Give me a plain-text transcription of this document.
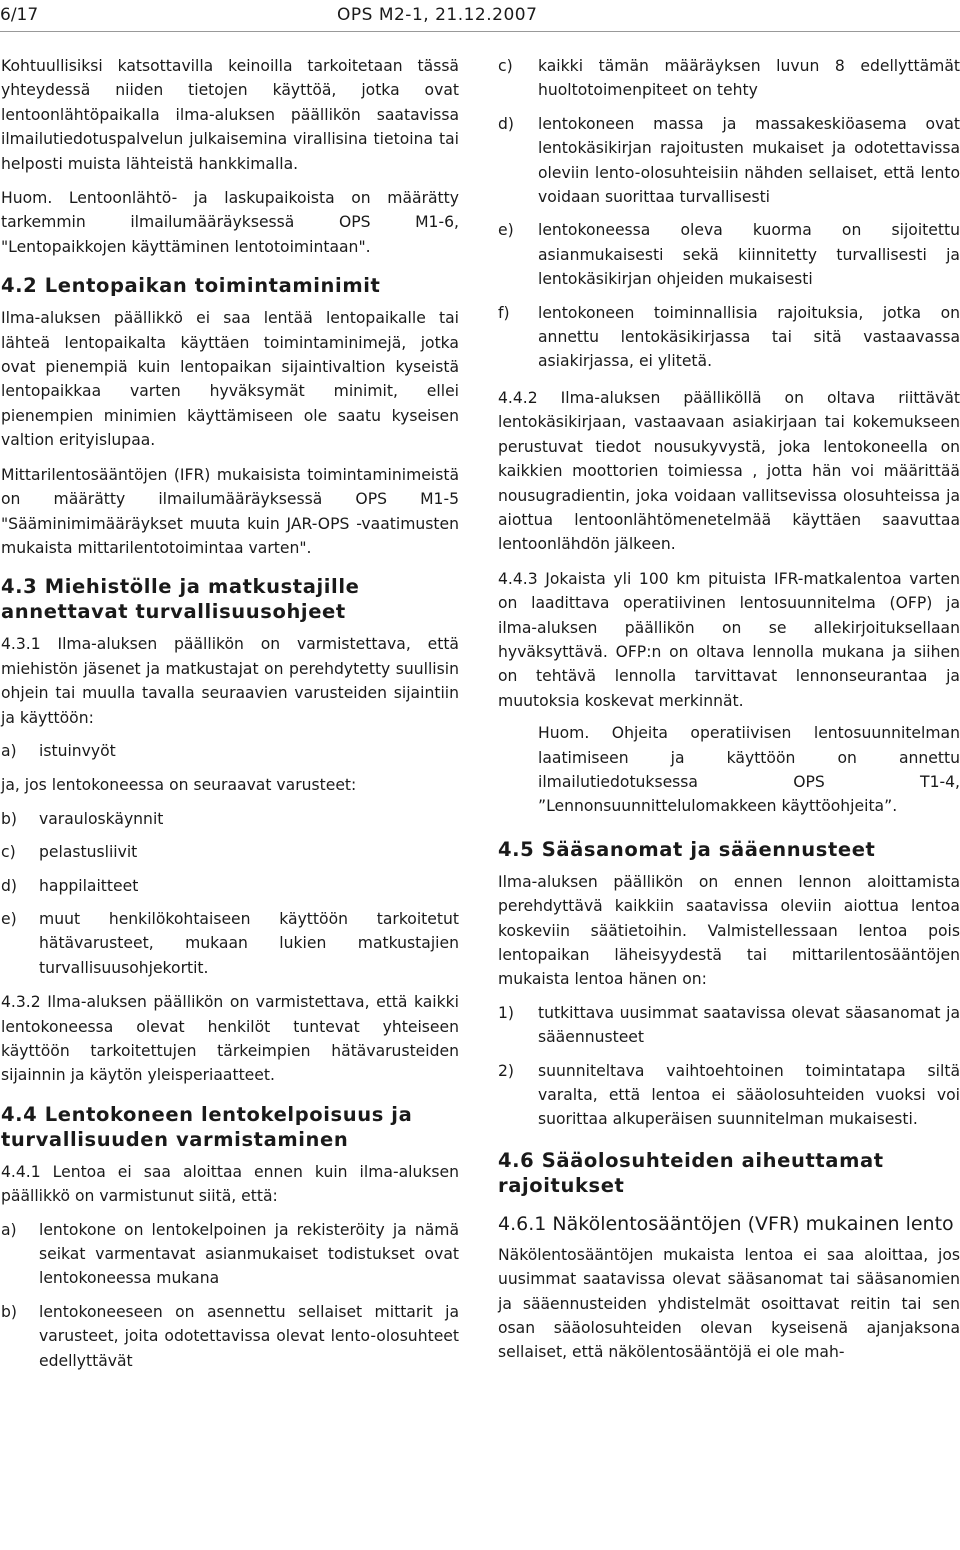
6/17	OPS M2-1, 21.12.2007

Kohtuullisiksi katsottavilla keinoilla tarkoitetaan tässä yhteydessä niiden tietojen käyttöä, jotka ovat lentoonlähtöpaikalla ilma-aluksen päällikön saatavissa ilmailutiedotuspalvelun julkaisemina virallisina tietoina tai helposti muista lähteistä hankkimalla.

Huom. Lentoonlähtö- ja laskupaikoista on määrätty tarkemmin ilmailumääräyksessä OPS M1-6, "Lentopaikkojen käyttäminen lentotoimintaan".

4.2 Lentopaikan toimintaminimit

Ilma-aluksen päällikkö ei saa lentää lentopaikalle tai lähteä lentopaikalta käyttäen toimintaminimejä, jotka ovat pienempiä kuin lentopaikan sijaintivaltion kyseistä lentopaikkaa varten hyväksymät minimit, ellei pienempien minimien käyttämiseen ole saatu kyseisen valtion erityislupaa.

Mittarilentosääntöjen (IFR) mukaisista toimintaminimeistä on määrätty ilmailumääräyksessä OPS M1-5 "Sääminimimääräykset muuta kuin JAR-OPS -vaatimusten mukaista mittarilentotoimintaa varten".

4.3 Miehistölle ja matkustajille annettavat turvallisuusohjeet

4.3.1 Ilma-aluksen päällikön on varmistettava, että miehistön jäsenet ja matkustajat on perehdytetty suullisin ohjein tai muulla tavalla seuraavien varusteiden sijaintiin ja käyttöön:

a) istuinvyöt

ja, jos lentokoneessa on seuraavat varusteet:

b) varauloskäynnit
c) pelastusliivit
d) happilaitteet
e) muut henkilökohtaiseen käyttöön tarkoitetut hätävarusteet, mukaan lukien matkustajien turvallisuusohjekortit.

4.3.2 Ilma-aluksen päällikön on varmistettava, että kaikki lentokoneessa olevat henkilöt tuntevat yhteiseen käyttöön tarkoitettujen tärkeimpien hätävarusteiden sijainnin ja käytön yleisperiaatteet.

4.4 Lentokoneen lentokelpoisuus ja turvallisuuden varmistaminen

4.4.1 Lentoa ei saa aloittaa ennen kuin ilma-aluksen päällikkö on varmistunut siitä, että:

a) lentokone on lentokelpoinen ja rekisteröity ja nämä seikat varmentavat asianmukaiset todistukset ovat lentokoneessa mukana
b) lentokoneeseen on asennettu sellaiset mittarit ja varusteet, joita odotettavissa olevat lento-olosuhteet edellyttävät
c) kaikki tämän määräyksen luvun 8 edellyttämät huoltotoimenpiteet on tehty
d) lentokoneen massa ja massakeskiöasema ovat lentokäsikirjan rajoitusten mukaiset ja odotettavissa oleviin lento-olosuhteisiin nähden sellaiset, että lento voidaan suorittaa turvallisesti
e) lentokoneessa oleva kuorma on sijoitettu asianmukaisesti sekä kiinnitetty turvallisesti ja lentokäsikirjan ohjeiden mukaisesti
f) lentokoneen toiminnallisia rajoituksia, jotka on annettu lentokäsikirjassa tai sitä vastaavassa asiakirjassa, ei ylitetä.

4.4.2 Ilma-aluksen päälliköllä on oltava riittävät lentokäsikirjaan, vastaavaan asiakirjaan tai kokemukseen perustuvat tiedot nousukyvystä, joka lentokoneella on kaikkien moottorien toimiessa , jotta hän voi määrittää nousugradientin, joka voidaan vallitsevissa olosuhteissa ja aiottua lentoonlähtömenetelmää käyttäen saavuttaa lentoonlähdön jälkeen.

4.4.3 Jokaista yli 100 km pituista IFR-matkalentoa varten on laadittava operatiivinen lentosuunnitelma (OFP) ja ilma-aluksen päällikön on se allekirjoituksellaan hyväksyttävä. OFP:n on oltava lennolla mukana ja siihen on tehtävä lennolla tarvittavat lennonseurantaa ja muutoksia koskevat merkinnät.

Huom. Ohjeita operatiivisen lentosuunnitelman laatimiseen ja käyttöön on annettu ilmailutiedotuksessa OPS T1-4, ”Lennonsuunnittelulomakkeen käyttöohjeita”.

4.5 Sääsanomat ja sääennusteet

Ilma-aluksen päällikön on ennen lennon aloittamista perehdyttävä kaikkiin saatavissa oleviin aiottua lentoa koskeviin säätietoihin. Valmistellessaan lentoa pois lentopaikan läheisyydestä tai mittarilentosääntöjen mukaista lentoa hänen on:

1) tutkittava uusimmat saatavissa olevat säasanomat ja sääennusteet
2) suunniteltava vaihtoehtoinen toimintatapa siltä varalta, että lentoa ei sääolosuhteiden vuoksi voi suorittaa alkuperäisen suunnitelman mukaisesti.
4.6 Sääolosuhteiden aiheuttamat rajoitukset
4.6.1 Näkölentosääntöjen (VFR) mukainen lento

Näkölentosääntöjen mukaista lentoa ei saa aloittaa, jos uusimmat saatavissa olevat sääsanomat tai sääsanomien ja sääennusteiden yhdistelmät osoittavat reitin tai sen osan sääolosuhteiden olevan kyseisenä ajanjaksona sellaiset, että näkölentosääntöjä ei ole mah-
